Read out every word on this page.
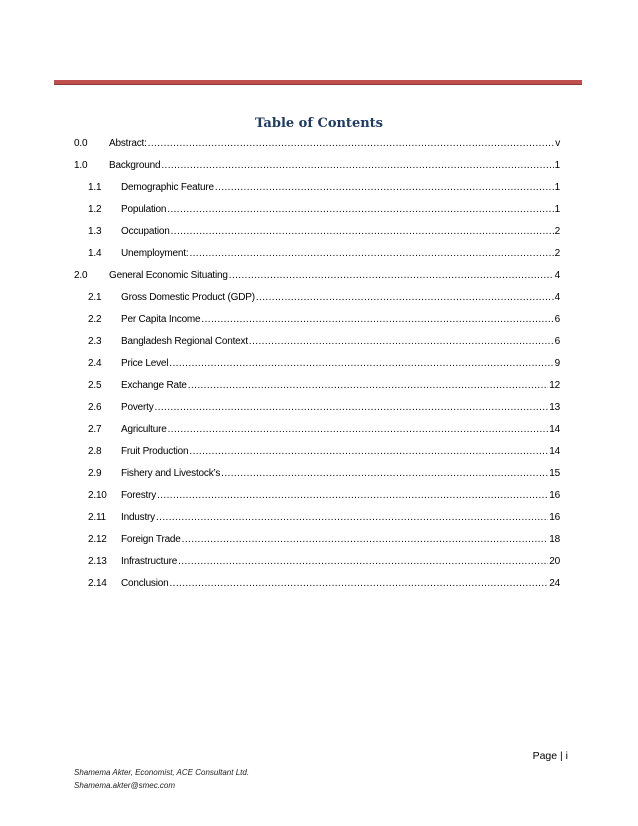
Table of Contents
0.0	Abstract: .....	v
1.0	Background .....	1
1.1	Demographic Feature .....	1
1.2	Population .....	1
1.3	Occupation .....	2
1.4	Unemployment: .....	2
2.0	General Economic Situating .....	4
2.1	Gross Domestic Product (GDP) .....	4
2.2	Per Capita Income .....	6
2.3	Bangladesh Regional Context .....	6
2.4	Price Level .....	9
2.5	Exchange Rate .....	12
2.6	Poverty .....	13
2.7	Agriculture .....	14
2.8	Fruit Production .....	14
2.9	Fishery and Livestock’s .....	15
2.10	Forestry .....	16
2.11	Industry .....	16
2.12	Foreign Trade .....	18
2.13	Infrastructure .....	20
2.14	Conclusion .....	24
Page | i
Shamema Akter, Economist, ACE Consultant Ltd.
Shamema.akter@smec.com
